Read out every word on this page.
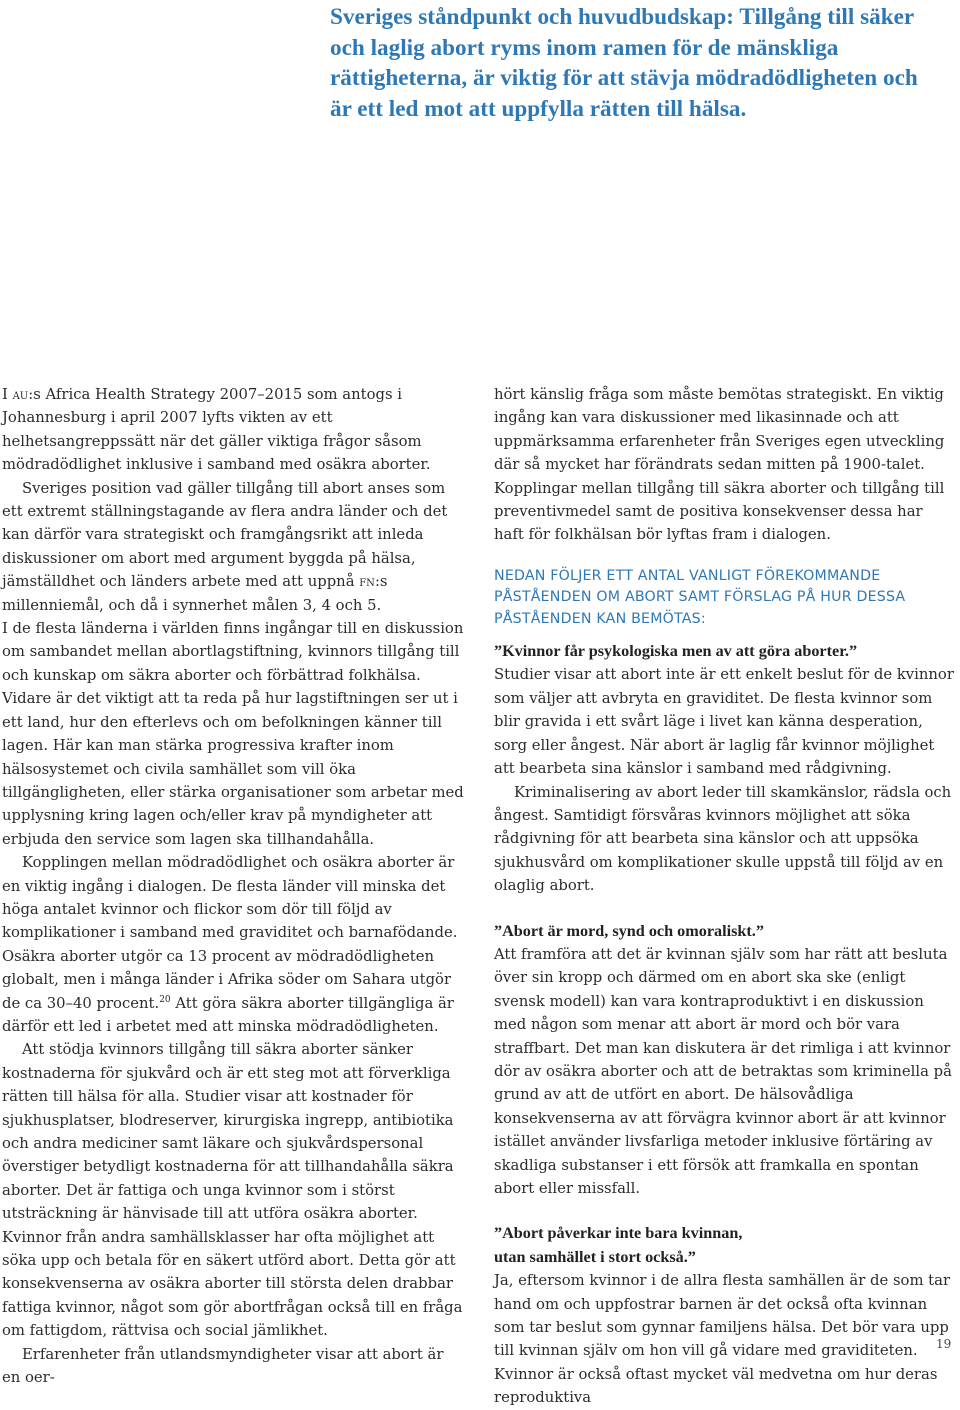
Sveriges ståndpunkt och huvudbudskap: Tillgång till säker och laglig abort ryms inom ramen för de mänskliga rättigheterna, är viktig för att stävja mödradödligheten och är ett led mot att uppfylla rätten till hälsa.

I au:s Africa Health Strategy 2007–2015 som antogs i Johannesburg i april 2007 lyfts vikten av ett helhetsangreppssätt när det gäller viktiga frågor såsom mödradödlighet inklusive i samband med osäkra aborter.

Sveriges position vad gäller tillgång till abort anses som ett extremt ställningstagande av flera andra länder och det kan därför vara strategiskt och framgångsrikt att inleda diskussioner om abort med argument byggda på hälsa, jämställdhet och länders arbete med att uppnå fn:s millenniemål, och då i synnerhet målen 3, 4 och 5.

I de flesta länderna i världen finns ingångar till en diskussion om sambandet mellan abortlagstiftning, kvinnors tillgång till och kunskap om säkra aborter och förbättrad folkhälsa. Vidare är det viktigt att ta reda på hur lagstiftningen ser ut i ett land, hur den efterlevs och om befolkningen känner till lagen. Här kan man stärka progressiva krafter inom hälsosystemet och civila samhället som vill öka tillgängligheten, eller stärka organisationer som arbetar med upplysning kring lagen och/eller krav på myndigheter att erbjuda den service som lagen ska tillhandahålla.

Kopplingen mellan mödradödlighet och osäkra aborter är en viktig ingång i dialogen. De flesta länder vill minska det höga antalet kvinnor och flickor som dör till följd av komplikationer i samband med graviditet och barnafödande. Osäkra aborter utgör ca 13 procent av mödradödligheten globalt, men i många länder i Afrika söder om Sahara utgör de ca 30–40 procent.$^{20}$ Att göra säkra aborter tillgängliga är därför ett led i arbetet med att minska mödradödligheten.

Att stödja kvinnors tillgång till säkra aborter sänker kostnaderna för sjukvård och är ett steg mot att förverkliga rätten till hälsa för alla. Studier visar att kostnader för sjukhusplatser, blodreserver, kirurgiska ingrepp, antibiotika och andra mediciner samt läkare och sjukvårdspersonal överstiger betydligt kostnaderna för att tillhandahålla säkra aborter. Det är fattiga och unga kvinnor som i störst utsträckning är hänvisade till att utföra osäkra aborter. Kvinnor från andra samhällsklasser har ofta möjlighet att söka upp och betala för en säkert utförd abort. Detta gör att konsekvenserna av osäkra aborter till största delen drabbar fattiga kvinnor, något som gör abortfrågan också till en fråga om fattigdom, rättvisa och social jämlikhet.

Erfarenheter från utlandsmyndigheter visar att abort är en oer-

hört känslig fråga som måste bemötas strategiskt. En viktig ingång kan vara diskussioner med likasinnade och att uppmärksamma erfarenheter från Sveriges egen utveckling där så mycket har förändrats sedan mitten på 1900-talet. Kopplingar mellan tillgång till säkra aborter och tillgång till preventivmedel samt de positiva konsekvenser dessa har haft för folkhälsan bör lyftas fram i dialogen.

NEDAN FÖLJER ETT ANTAL VANLIGT FÖREKOMMANDE PÅSTÅENDEN OM ABORT SAMT FÖRSLAG PÅ HUR DESSA PÅSTÅENDEN KAN BEMÖTAS:

”Kvinnor får psykologiska men av att göra aborter.”

Studier visar att abort inte är ett enkelt beslut för de kvinnor som väljer att avbryta en graviditet. De flesta kvinnor som blir gravida i ett svårt läge i livet kan känna desperation, sorg eller ångest. När abort är laglig får kvinnor möjlighet att bearbeta sina känslor i samband med rådgivning.

Kriminalisering av abort leder till skamkänslor, rädsla och ångest. Samtidigt försvåras kvinnors möjlighet att söka rådgivning för att bearbeta sina känslor och att uppsöka sjukhusvård om komplikationer skulle uppstå till följd av en olaglig abort.

”Abort är mord, synd och omoraliskt.”

Att framföra att det är kvinnan själv som har rätt att besluta över sin kropp och därmed om en abort ska ske (enligt svensk modell) kan vara kontraproduktivt i en diskussion med någon som menar att abort är mord och bör vara straffbart. Det man kan diskutera är det rimliga i att kvinnor dör av osäkra aborter och att de betraktas som kriminella på grund av att de utfört en abort. De hälsovådliga konsekvenserna av att förvägra kvinnor abort är att kvinnor istället använder livsfarliga metoder inklusive förtäring av skadliga substanser i ett försök att framkalla en spontan abort eller missfall.

”Abort påverkar inte bara kvinnan,
utan samhället i stort också.”

Ja, eftersom kvinnor i de allra flesta samhällen är de som tar hand om och uppfostrar barnen är det också ofta kvinnan som tar beslut som gynnar familjens hälsa. Det bör vara upp till kvinnan själv om hon vill gå vidare med graviditeten. Kvinnor är också oftast mycket väl medvetna om hur deras reproduktiva

19
